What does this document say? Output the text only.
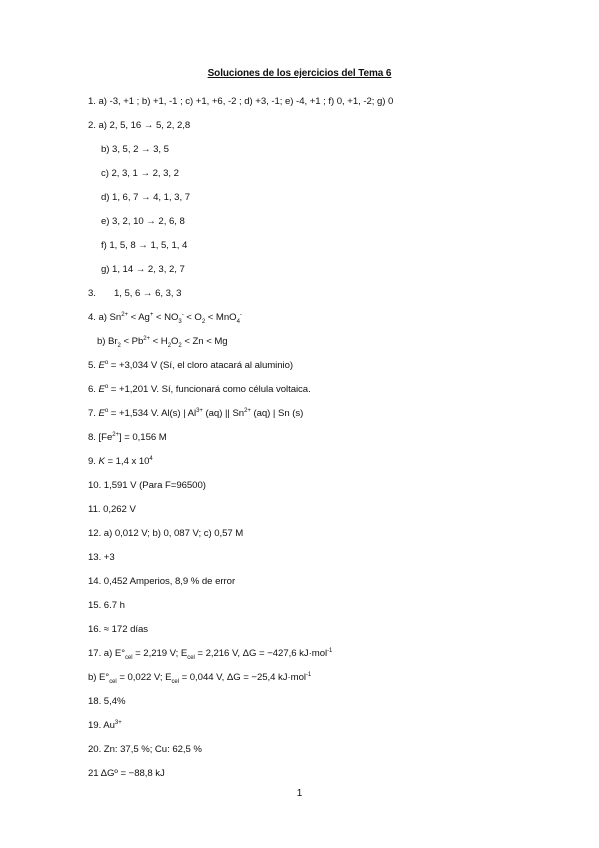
Soluciones de los ejercicios del Tema 6
1. a) -3, +1 ; b) +1, -1 ; c) +1, +6, -2 ; d) +3, -1; e) -4, +1 ; f) 0, +1, -2; g) 0
2. a) 2, 5, 16 → 5, 2, 2,8
b) 3, 5, 2 → 3, 5
c) 2, 3, 1 → 2, 3, 2
d) 1, 6, 7 → 4, 1, 3, 7
e) 3, 2, 10 → 2, 6, 8
f) 1, 5, 8 → 1, 5, 1, 4
g) 1, 14 → 2, 3, 2, 7
3. 1, 5, 6 → 6, 3, 3
4. a) $Sn^{2+} < Ag^+ < NO_3^- < O_2 < MnO_4^-$
b) $Br_2 < Pb^{2+} < H_2O_2 < Zn < Mg$
5. $E^o = +3,034$ V (Sí, el cloro atacará al aluminio)
6. $E^o = +1,201$ V. Sí, funcionará como célula voltaica.
7. $E^o = +1,534$ V. Al(s) | $Al^{3+}$ (aq) || $Sn^{2+}$ (aq) | Sn (s)
8. $[Fe^{2+}] = 0,156$ M
9. K = 1,4 x $10^4$
10. 1,591 V (Para F=96500)
11. 0,262 V
12. a) 0,012 V; b) 0, 087 V; c) 0,57 M
13. +3
14. 0,452 Amperios, 8,9 % de error
15. 6.7 h
16. ≈ 172 días
17. a) $E^\circ_{cel} = 2,219$ V; $E_{cel} = 2,216$ V, ΔG = −427,6 kJ·mol$^{-1}$
b) $E^\circ_{cel} = 0,022$ V; $E_{cel} = 0,044$ V, ΔG = −25,4 kJ·mol$^{-1}$
18. 5,4%
19. $Au^{3+}$
20. Zn: 37,5 %; Cu: 62,5 %
21 ΔGº = −88,8 kJ
1
